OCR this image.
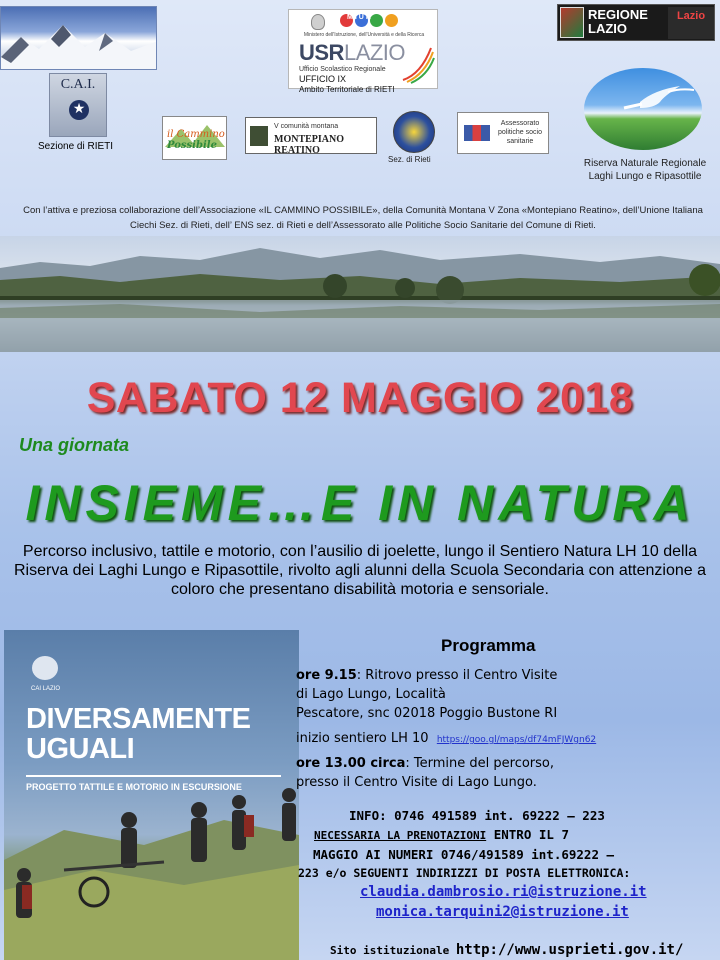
C.A.I.
★
Sezione di RIETI
MIUR
Ministero dell'Istruzione, dell'Università e della Ricerca
USRLAZIO
Ufficio Scolastico Regionale
UFFICIO IX
Ambito Territoriale di RIETI
REGIONE
LAZIO
Lazio
Riserva Naturale Regionale Laghi Lungo e Ripasottile
il Cammino
Possibile
V comunità montana
MONTEPIANO REATINO
Sez. di Rieti
Assessorato politiche socio sanitarie
Con l’attiva e preziosa collaborazione dell’Associazione «IL CAMMINO POSSIBILE», della Comunità Montana V Zona «Montepiano Reatino», dell’Unione Italiana Ciechi Sez. di Rieti, dell’ ENS sez. di Rieti e dell’Assessorato alle Politiche Socio Sanitarie del Comune di Rieti.
SABATO 12 MAGGIO 2018
Una giornata
INSIEME…E IN NATURA
Percorso inclusivo, tattile e motorio, con l’ausilio di joelette, lungo il Sentiero Natura LH 10 della Riserva dei Laghi Lungo e Ripasottile, rivolto agli alunni della Scuola Secondaria con attenzione a coloro che presentano disabilità motoria e sensoriale.
CAI LAZIO
DIVERSAMENTE
UGUALI
PROGETTO TATTILE E MOTORIO IN ESCURSIONE
Programma
ore 9.15: Ritrovo presso il Centro Visite
di Lago Lungo, Località
Pescatore, snc 02018 Poggio Bustone RI
inizio sentiero LH 10 https://goo.gl/maps/df74mFJWgn62
ore 13.00 circa: Termine del percorso,
presso il Centro Visite di Lago Lungo.
INFO: 0746 491589 int. 69222 – 223
NECESSARIA LA PRENOTAZIONI ENTRO IL 7
MAGGIO AI NUMERI 0746/491589 int.69222 –
223 e/o SEGUENTI INDIRIZZI DI POSTA ELETTRONICA:
claudia.dambrosio.ri@istruzione.it
monica.tarquini2@istruzione.it
Sito istituzionale http://www.usprieti.gov.it/
